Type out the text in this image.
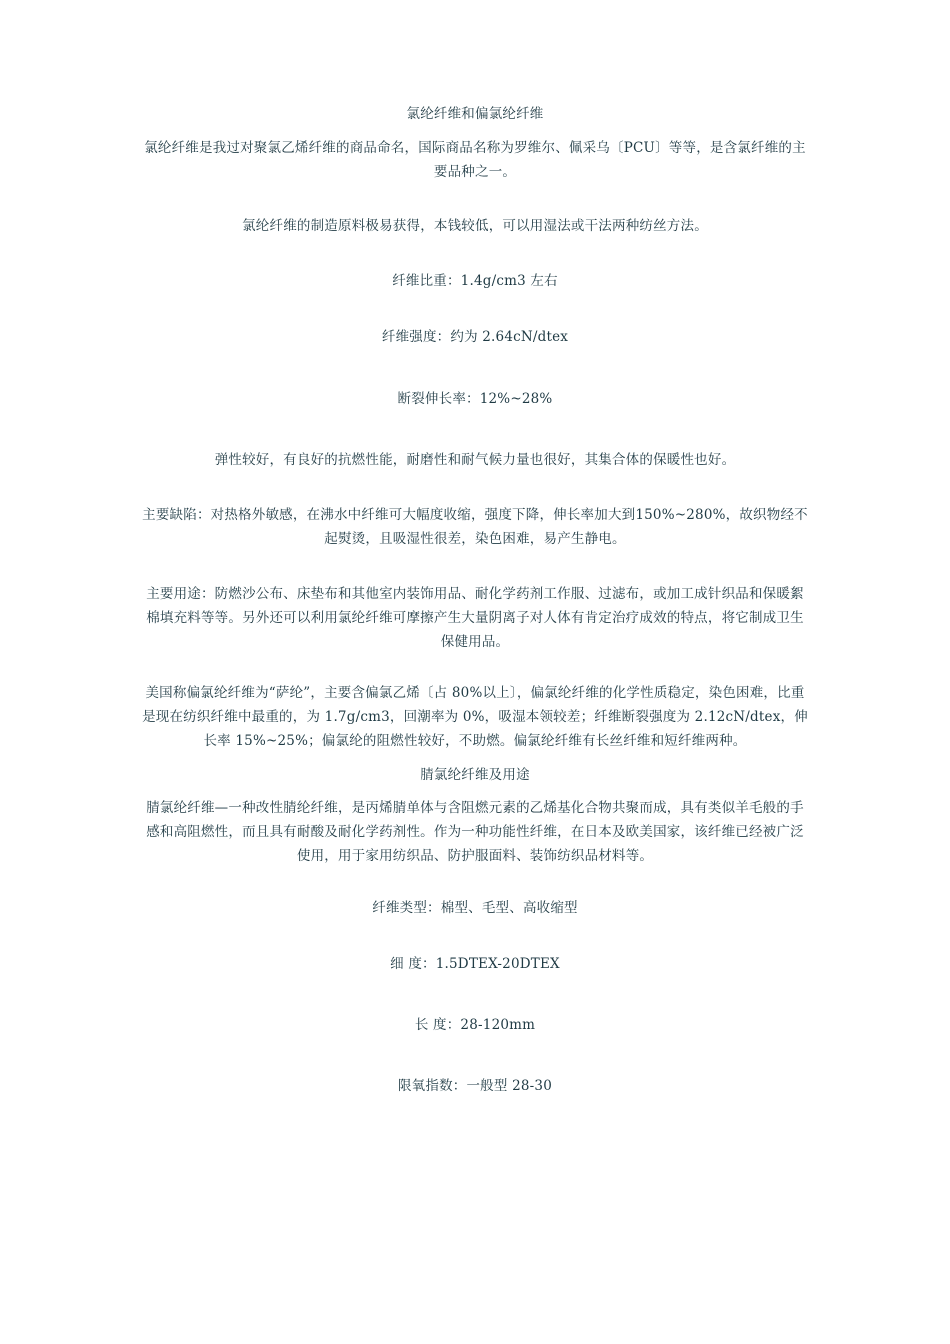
氯纶纤维和偏氯纶纤维
氯纶纤维是我过对聚氯乙烯纤维的商品命名，国际商品名称为罗维尔、佩采乌〔PCU〕等等，是含氯纤维的主要品种之一。
氯纶纤维的制造原料极易获得，本钱较低，可以用湿法或干法两种纺丝方法。
纤维比重：1.4g/cm3 左右
纤维强度：约为 2.64cN/dtex
断裂伸长率：12%~28%
弹性较好，有良好的抗燃性能，耐磨性和耐气候力量也很好，其集合体的保暖性也好。
主要缺陷：对热格外敏感，在沸水中纤维可大幅度收缩，强度下降，伸长率加大到150%~280%，故织物经不起熨烫，且吸湿性很差，染色困难，易产生静电。
主要用途：防燃沙公布、床垫布和其他室内装饰用品、耐化学药剂工作服、过滤布，或加工成针织品和保暖絮棉填充料等等。另外还可以利用氯纶纤维可摩擦产生大量阴离子对人体有肯定治疗成效的特点，将它制成卫生保健用品。
美国称偏氯纶纤维为“萨纶”，主要含偏氯乙烯〔占 80%以上〕，偏氯纶纤维的化学性质稳定，染色困难，比重是现在纺织纤维中最重的，为 1.7g/cm3，回潮率为 0%，吸湿本领较差；纤维断裂强度为 2.12cN/dtex，伸长率 15%~25%；偏氯纶的阻燃性较好，不助燃。偏氯纶纤维有长丝纤维和短纤维两种。
腈氯纶纤维及用途
腈氯纶纤维—一种改性腈纶纤维，是丙烯腈单体与含阻燃元素的乙烯基化合物共聚而成，具有类似羊毛般的手感和高阻燃性，而且具有耐酸及耐化学药剂性。作为一种功能性纤维，在日本及欧美国家，该纤维已经被广泛使用，用于家用纺织品、防护服面料、装饰纺织品材料等。
纤维类型：棉型、毛型、高收缩型
细 度：1.5DTEX-20DTEX
长 度：28-120mm
限氧指数：一般型 28-30
